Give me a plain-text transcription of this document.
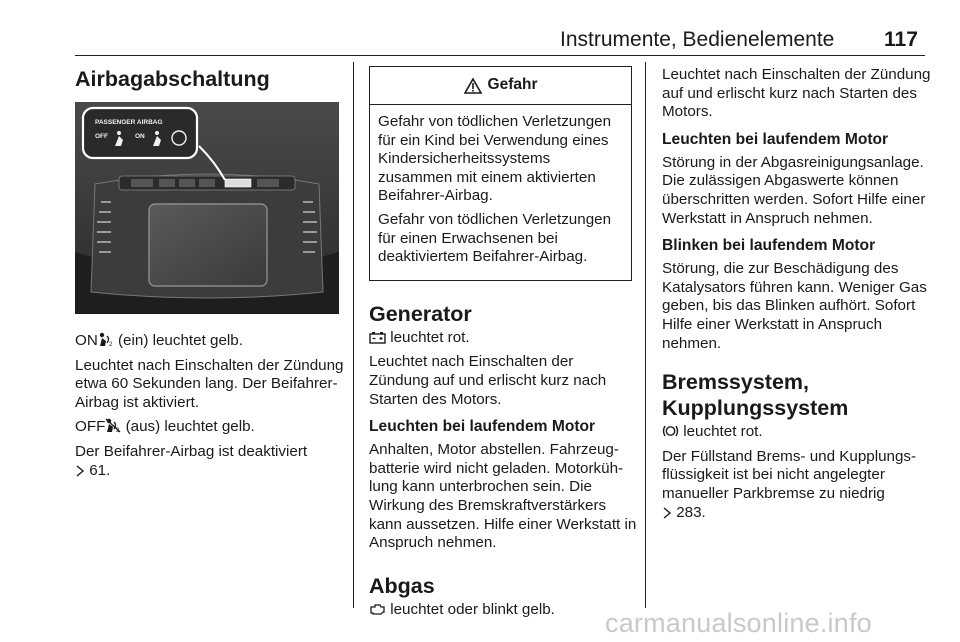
Instrumente, Bedienelemente 117
Airbagabschaltung
PASSENGER AIRBAG
OFF	ON

ON 2 (ein) leuchtet gelb.

Leuchtet nach Einschalten der Zündung etwa 60 Sekunden lang. Der Beifahrer-Airbag ist aktiviert.

OFF 2 (aus) leuchtet gelb.

Der Beifahrer-Airbag ist deaktiviert
61.

Gefahr

Gefahr von tödlichen Verletzungen für ein Kind bei Verwendung eines Kindersicherheitssystems zusammen mit einem aktivierten Beifahrer-Airbag.

Gefahr von tödlichen Verletzungen für einen Erwachsenen bei deaktiviertem Beifahrer-Airbag.

Generator

leuchtet rot.

Leuchtet nach Einschalten der Zündung auf und erlischt kurz nach Starten des Motors.

Leuchten bei laufendem Motor

Anhalten, Motor abstellen. Fahrzeugbatterie wird nicht geladen. Motorkühlung kann unterbrochen sein. Die Wirkung des Bremskraftverstärkers kann aussetzen. Hilfe einer Werkstatt in Anspruch nehmen.

Abgas

leuchtet oder blinkt gelb.

Leuchtet nach Einschalten der Zündung auf und erlischt kurz nach Starten des Motors.

Leuchten bei laufendem Motor

Störung in der Abgasreinigungsanlage. Die zulässigen Abgaswerte können überschritten werden. Sofort Hilfe einer Werkstatt in Anspruch nehmen.

Blinken bei laufendem Motor

Störung, die zur Beschädigung des Katalysators führen kann. Weniger Gas geben, bis das Blinken aufhört. Sofort Hilfe einer Werkstatt in Anspruch nehmen.

Bremssystem,
Kupplungssystem

leuchtet rot.

Der Füllstand Brems- und Kupplungsflüssigkeit ist bei nicht angelegter manueller Parkbremse zu niedrig
283.

carmanualsonline.info
